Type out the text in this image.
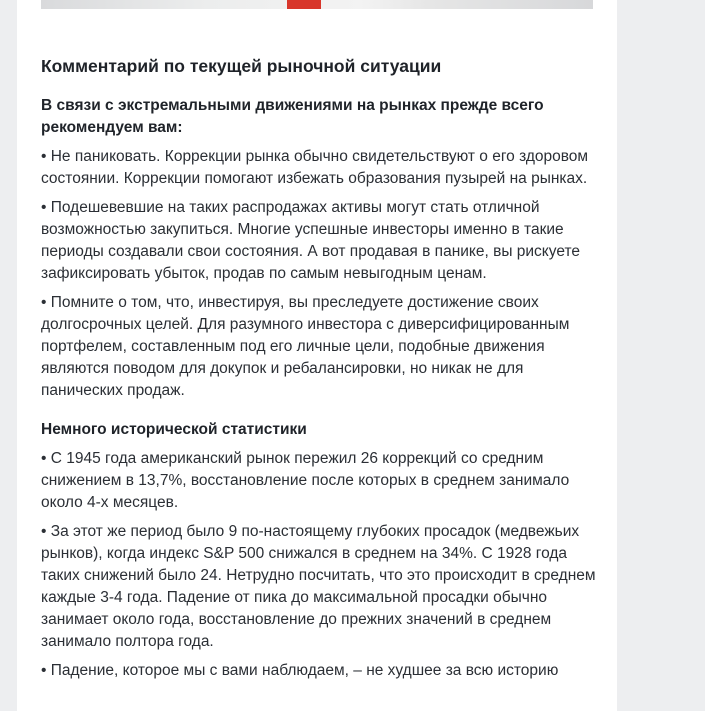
Комментарий по текущей рыночной ситуации
В связи с экстремальными движениями на рынках прежде всего рекомендуем вам:

• Не паниковать. Коррекции рынка обычно свидетельствуют о его здоровом состоянии. Коррекции помогают избежать образования пузырей на рынках.

• Подешевевшие на таких распродажах активы могут стать отличной возможностью закупиться. Многие успешные инвесторы именно в такие периоды создавали свои состояния. А вот продавая в панике, вы рискуете зафиксировать убыток, продав по самым невыгодным ценам.

• Помните о том, что, инвестируя, вы преследуете достижение своих долгосрочных целей. Для разумного инвестора с диверсифицированным портфелем, составленным под его личные цели, подобные движения являются поводом для докупок и ребалансировки, но никак не для панических продаж.

Немного исторической статистики

• С 1945 года американский рынок пережил 26 коррекций со средним снижением в 13,7%, восстановление после которых в среднем занимало около 4-х месяцев.

• За этот же период было 9 по-настоящему глубоких просадок (медвежьих рынков), когда индекс S&P 500 снижался в среднем на 34%. С 1928 года таких снижений было 24. Нетрудно посчитать, что это происходит в среднем каждые 3-4 года. Падение от пика до максимальной просадки обычно занимает около года, восстановление до прежних значений в среднем занимало полтора года.

• Падение, которое мы с вами наблюдаем, – не худшее за всю историю
